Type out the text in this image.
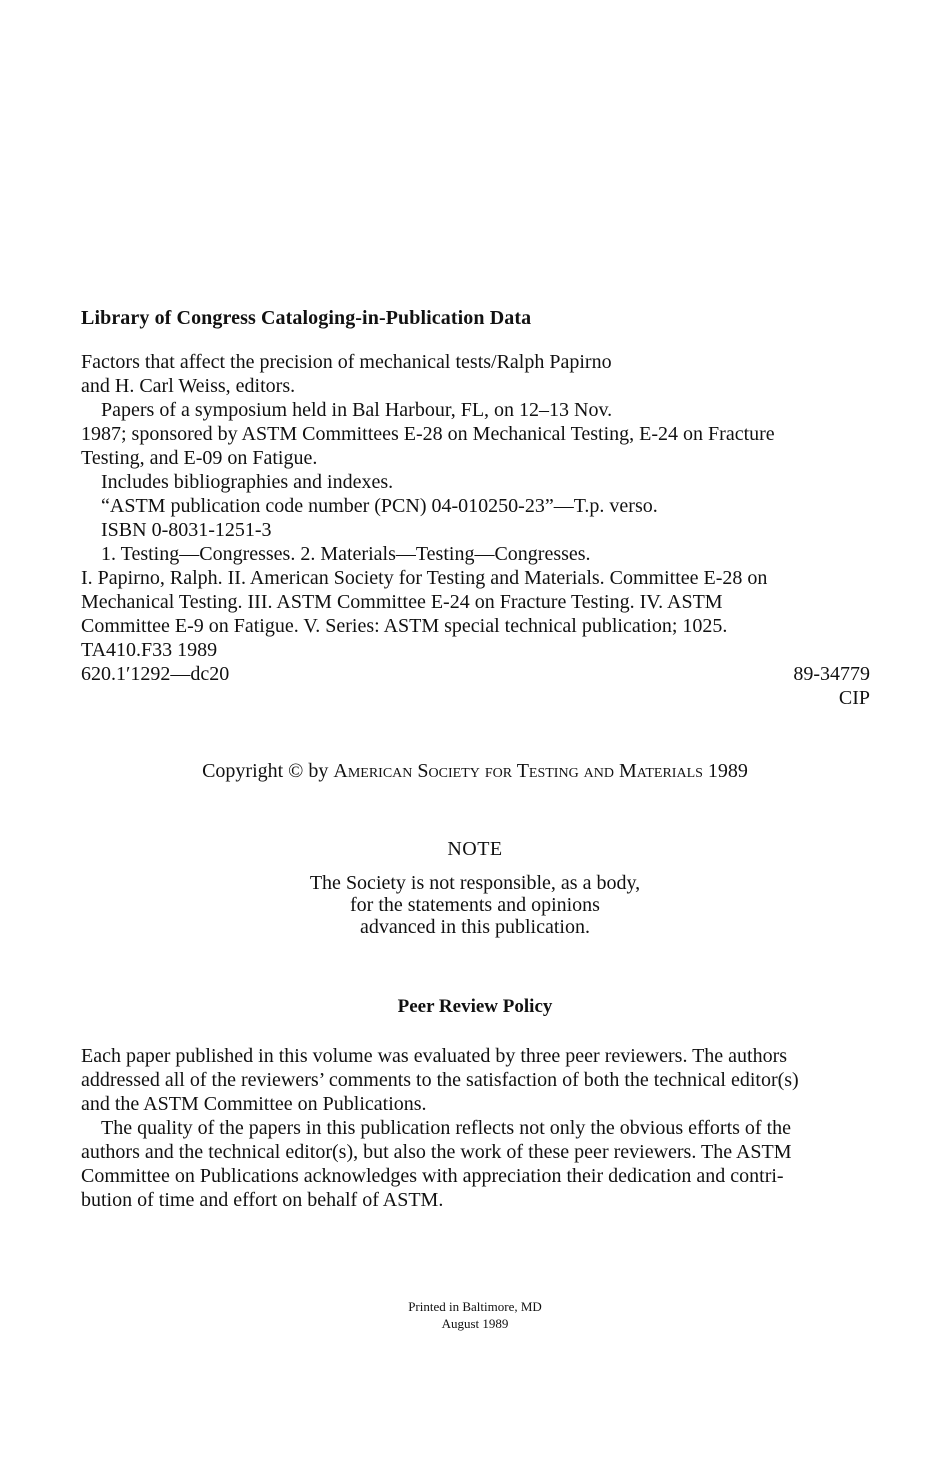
Library of Congress Cataloging-in-Publication Data
Factors that affect the precision of mechanical tests/Ralph Papirno
and H. Carl Weiss, editors.
Papers of a symposium held in Bal Harbour, FL, on 12–13 Nov.
1987; sponsored by ASTM Committees E-28 on Mechanical Testing, E-24 on Fracture
Testing, and E-09 on Fatigue.
Includes bibliographies and indexes.
“ASTM publication code number (PCN) 04-010250-23”—T.p. verso.
ISBN 0-8031-1251-3
1. Testing—Congresses. 2. Materials—Testing—Congresses.
I. Papirno, Ralph. II. American Society for Testing and Materials. Committee E-28 on
Mechanical Testing. III. ASTM Committee E-24 on Fracture Testing. IV. ASTM
Committee E-9 on Fatigue. V. Series: ASTM special technical publication; 1025.
TA410.F33 1989
620.1′1292—dc20	89-34779
CIP
Copyright © by American Society for Testing and Materials 1989
NOTE
The Society is not responsible, as a body,
for the statements and opinions
advanced in this publication.
Peer Review Policy
Each paper published in this volume was evaluated by three peer reviewers. The authors
addressed all of the reviewers’ comments to the satisfaction of both the technical editor(s)
and the ASTM Committee on Publications.
The quality of the papers in this publication reflects not only the obvious efforts of the
authors and the technical editor(s), but also the work of these peer reviewers. The ASTM
Committee on Publications acknowledges with appreciation their dedication and contri-
bution of time and effort on behalf of ASTM.
Printed in Baltimore, MD
August 1989
